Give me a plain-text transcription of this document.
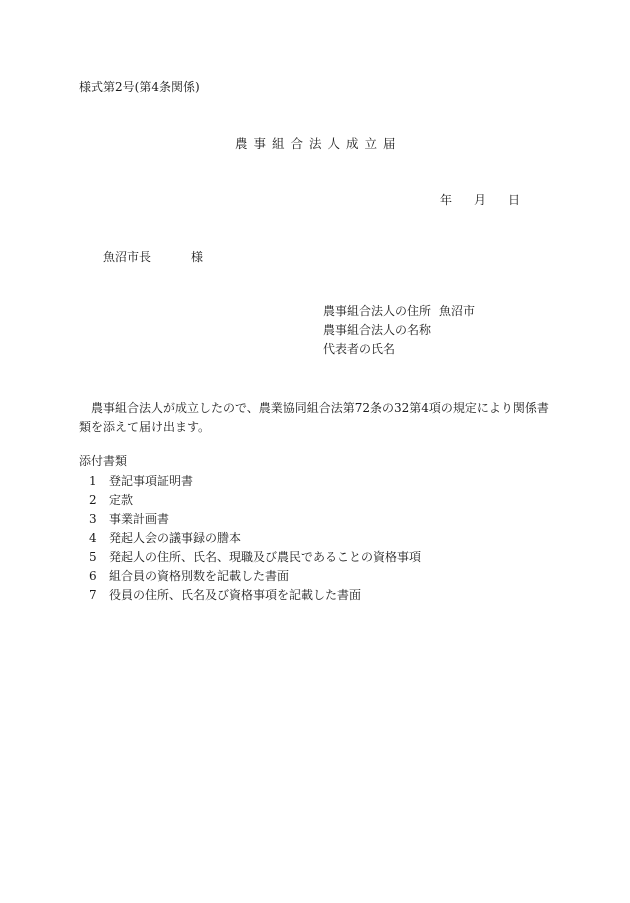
様式第2号(第4条関係)
農事組合法人成立届
年 月 日
魚沼市長	様
農事組合法人の住所 魚沼市
農事組合法人の名称
代表者の氏名

農事組合法人が成立したので、農業協同組合法第72条の32第4項の規定により関係書類を添えて届け出ます。

添付書類
1 登記事項証明書
2 定款
3 事業計画書
4 発起人会の議事録の謄本
5 発起人の住所、氏名、現職及び農民であることの資格事項
6 組合員の資格別数を記載した書面
7 役員の住所、氏名及び資格事項を記載した書面
